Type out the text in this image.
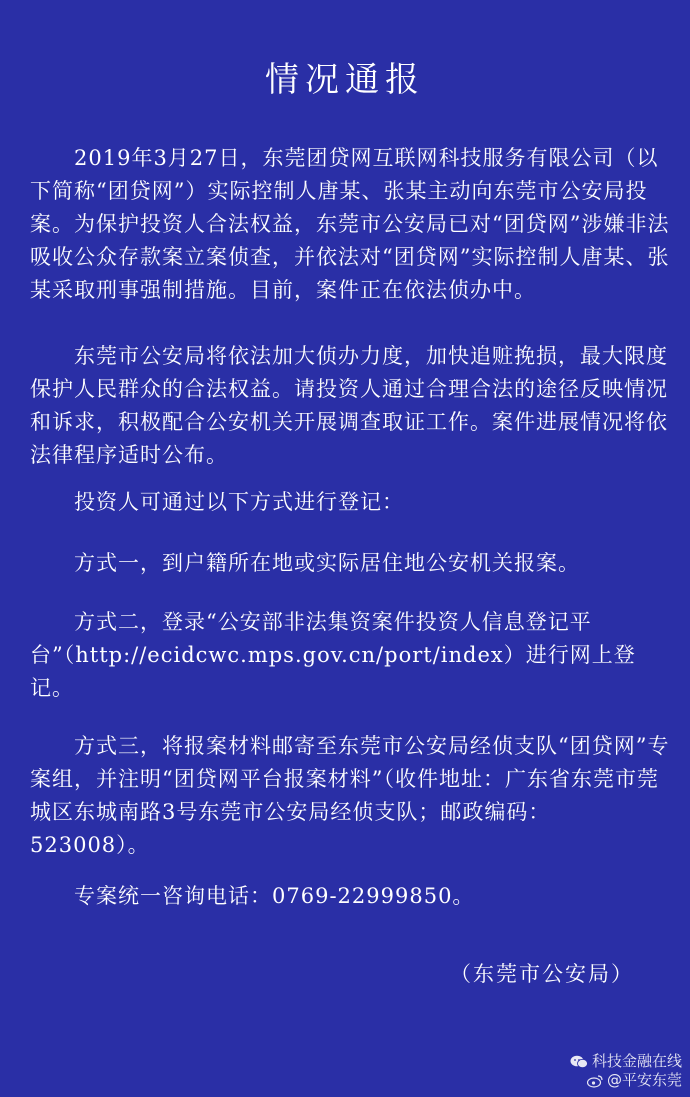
情况通报

2019年3月27日，东莞团贷网互联网科技服务有限公司（以下简称“团贷网”）实际控制人唐某、张某主动向东莞市公安局投案。为保护投资人合法权益，东莞市公安局已对“团贷网”涉嫌非法吸收公众存款案立案侦查，并依法对“团贷网”实际控制人唐某、张某采取刑事强制措施。目前，案件正在依法侦办中。

东莞市公安局将依法加大侦办力度，加快追赃挽损，最大限度保护人民群众的合法权益。请投资人通过合理合法的途径反映情况和诉求，积极配合公安机关开展调查取证工作。案件进展情况将依法律程序适时公布。

投资人可通过以下方式进行登记：

方式一，到户籍所在地或实际居住地公安机关报案。

方式二，登录“公安部非法集资案件投资人信息登记平台”（http://ecidcwc.mps.gov.cn/port/index）进行网上登记。

方式三，将报案材料邮寄至东莞市公安局经侦支队“团贷网”专案组，并注明“团贷网平台报案材料”（收件地址：广东省东莞市莞城区东城南路3号东莞市公安局经侦支队；邮政编码：523008）。

专案统一咨询电话：0769-22999850。

（东莞市公安局）
科技金融在线
@平安东莞
